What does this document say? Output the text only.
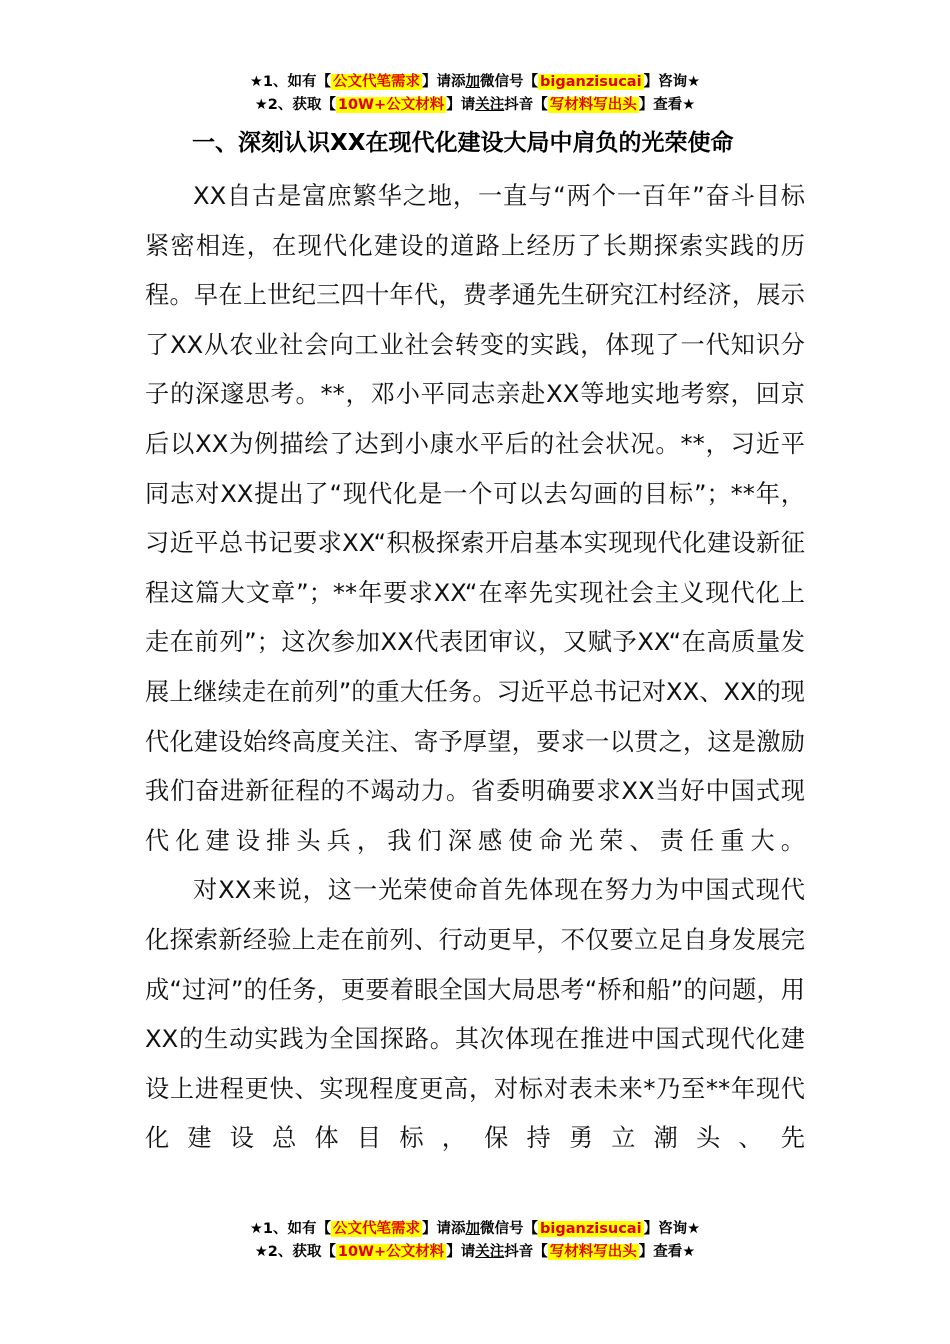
★1、如有【 公文代笔需求 】请添加微信号【 biganzisucai 】咨询★
★2、获取【 10W+公文材料 】请关注抖音【 写材料写出头 】查看★
一、深刻认识XX在现代化建设大局中肩负的光荣使命

XX自古是富庶繁华之地，一直与“两个一百年”奋斗目标紧密相连，在现代化建设的道路上经历了长期探索实践的历程。早在上世纪三四十年代，费孝通先生研究江村经济，展示了XX从农业社会向工业社会转变的实践，体现了一代知识分子的深邃思考。**，邓小平同志亲赴XX等地实地考察，回京后以XX为例描绘了达到小康水平后的社会状况。**，习近平同志对XX提出了“现代化是一个可以去勾画的目标”；**年，习近平总书记要求XX“积极探索开启基本实现现代化建设新征程这篇大文章”；**年要求XX“在率先实现社会主义现代化上走在前列”；这次参加XX代表团审议，又赋予XX“在高质量发展上继续走在前列”的重大任务。习近平总书记对XX、XX的现代化建设始终高度关注、寄予厚望，要求一以贯之，这是激励我们奋进新征程的不竭动力。省委明确要求XX当好中国式现代化建设排头兵，我们深感使命光荣、责任重大。

对XX来说，这一光荣使命首先体现在努力为中国式现代化探索新经验上走在前列、行动更早，不仅要立足自身发展完成“过河”的任务，更要着眼全国大局思考“桥和船”的问题，用XX的生动实践为全国探路。其次体现在推进中国式现代化建设上进程更快、实现程度更高，对标对表未来*乃至**年现代化建设总体目标，保持勇立潮头、先

★1、如有【 公文代笔需求 】请添加微信号【 biganzisucai 】咨询★
★2、获取【 10W+公文材料 】请关注抖音【 写材料写出头 】查看★
